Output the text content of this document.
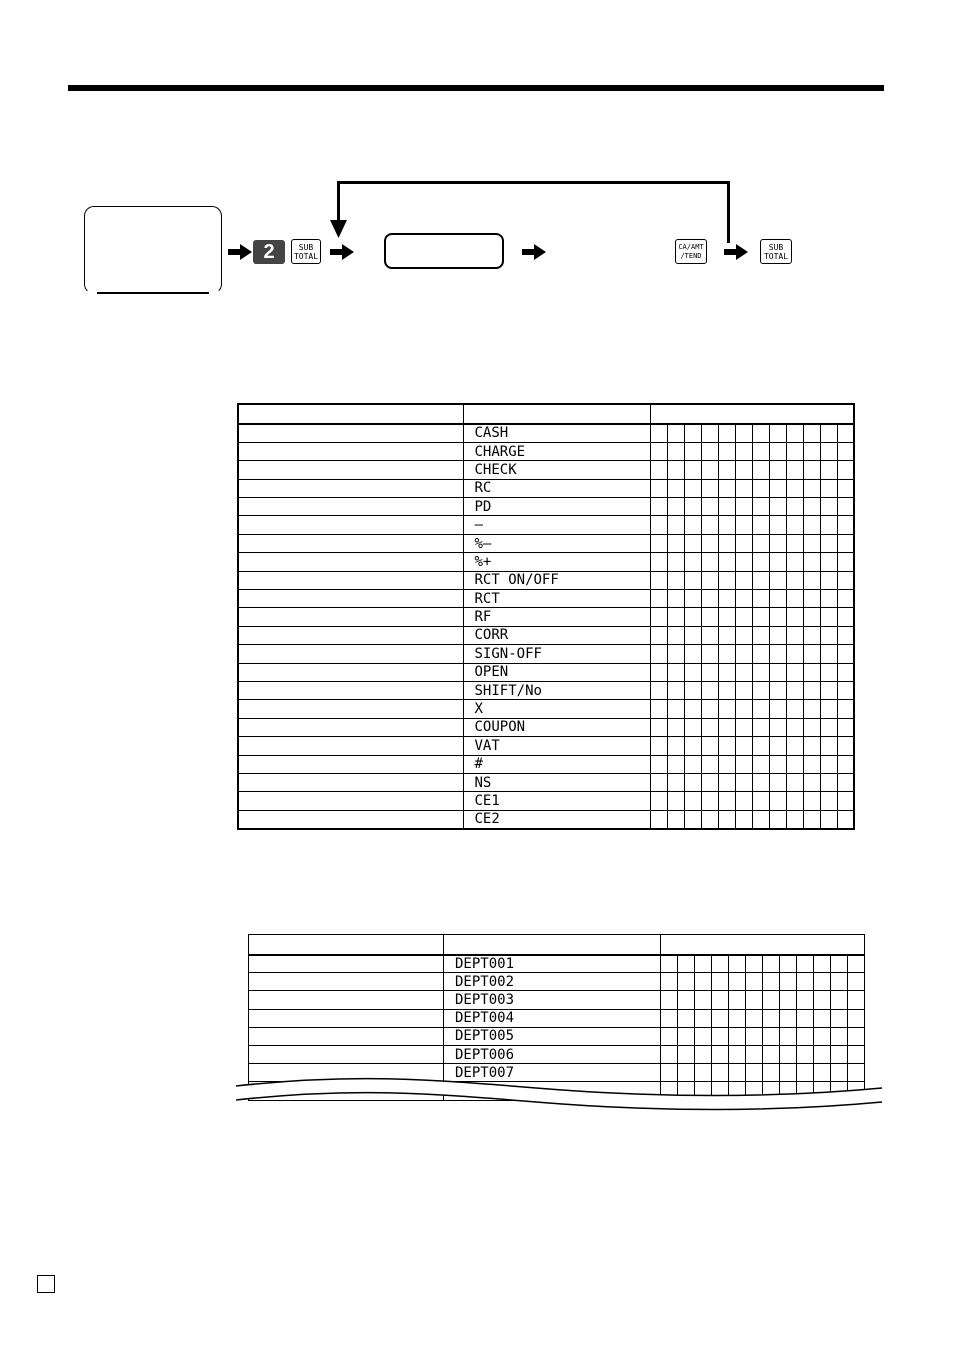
2	SUB
TOTAL
CA/AMT
/TEND
SUB
TOTAL

	CASH												
	CHARGE												
	CHECK												
	RC												
	PD												
	–												
	%–												
	%+												
	RCT ON/OFF												
	RCT												
	RF												
	CORR												
	SIGN-OFF												
	OPEN												
	SHIFT/No												
	X												
	COUPON												
	VAT												
	#												
	NS												
	CE1												
	CE2												

	DEPT001												
	DEPT002												
	DEPT003												
	DEPT004												
	DEPT005												
	DEPT006												
	DEPT007												
